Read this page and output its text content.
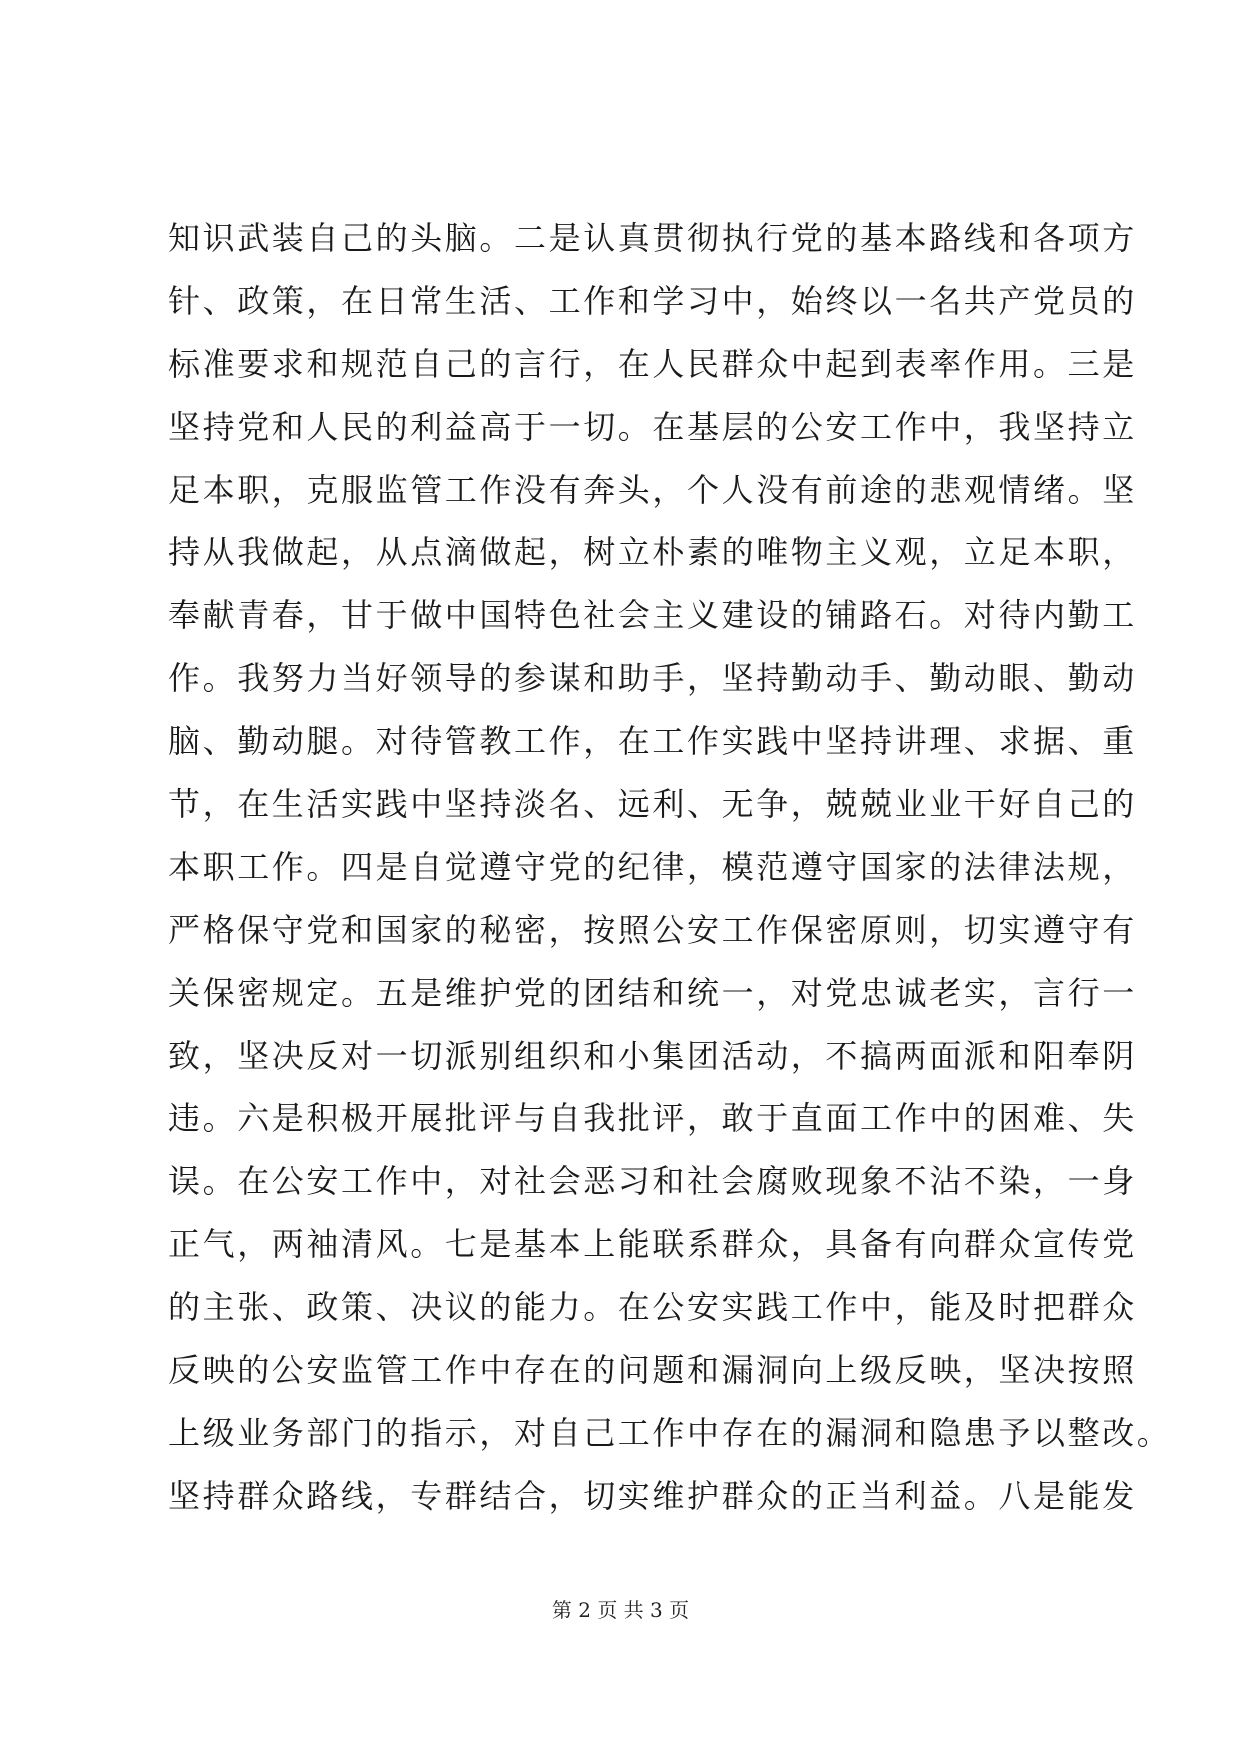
知识武装自己的头脑。二是认真贯彻执行党的基本路线和各项方
针、政策，在日常生活、工作和学习中，始终以一名共产党员的
标准要求和规范自己的言行，在人民群众中起到表率作用。三是
坚持党和人民的利益高于一切。在基层的公安工作中，我坚持立
足本职，克服监管工作没有奔头，个人没有前途的悲观情绪。坚
持从我做起，从点滴做起，树立朴素的唯物主义观，立足本职，
奉献青春，甘于做中国特色社会主义建设的铺路石。对待内勤工
作。我努力当好领导的参谋和助手，坚持勤动手、勤动眼、勤动
脑、勤动腿。对待管教工作，在工作实践中坚持讲理、求据、重
节，在生活实践中坚持淡名、远利、无争，兢兢业业干好自己的
本职工作。四是自觉遵守党的纪律，模范遵守国家的法律法规，
严格保守党和国家的秘密，按照公安工作保密原则，切实遵守有
关保密规定。五是维护党的团结和统一，对党忠诚老实，言行一
致，坚决反对一切派别组织和小集团活动，不搞两面派和阳奉阴
违。六是积极开展批评与自我批评，敢于直面工作中的困难、失
误。在公安工作中，对社会恶习和社会腐败现象不沾不染，一身
正气，两袖清风。七是基本上能联系群众，具备有向群众宣传党
的主张、政策、决议的能力。在公安实践工作中，能及时把群众
反映的公安监管工作中存在的问题和漏洞向上级反映，坚决按照
上级业务部门的指示，对自己工作中存在的漏洞和隐患予以整改。
坚持群众路线，专群结合，切实维护群众的正当利益。八是能发
第 2 页 共 3 页
